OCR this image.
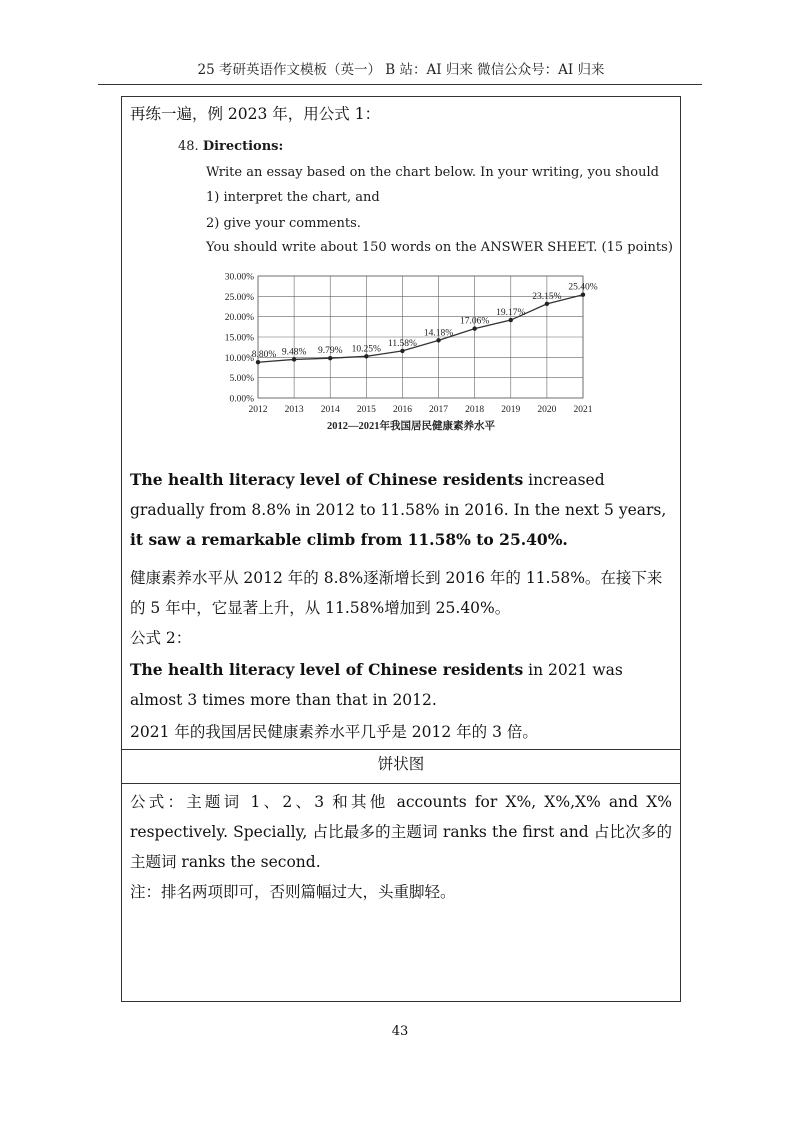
25 考研英语作文模板（英一） B 站：AI 归来 微信公众号：AI 归来
再练一遍，例 2023 年，用公式 1：
48. Directions:
Write an essay based on the chart below. In your writing, you should
1) interpret the chart, and
2) give your comments.
You should write about 150 words on the ANSWER SHEET. (15 points)
0.00%
5.00%
10.00%
15.00%
20.00%
25.00%
30.00%
2012 2013 2014 2015 2016 2017 2018 2019 2020 2021
8.80% 9.48% 9.79% 10.25%
11.58%
14.18%
17.06%
19.17%
23.15%
25.40%
2012—2021年我国居民健康素养水平
The health literacy level of Chinese residents increased gradually from 8.8% in 2012 to 11.58% in 2016. In the next 5 years, it saw a remarkable climb from 11.58% to 25.40%.
健康素养水平从 2012 年的 8.8%逐渐增长到 2016 年的 11.58%。在接下来的 5 年中，它显著上升，从 11.58%增加到 25.40%。
公式 2：
The health literacy level of Chinese residents in 2021 was almost 3 times more than that in 2012.
2021 年的我国居民健康素养水平几乎是 2012 年的 3 倍。
饼状图
公式：主题词 1、2、3 和其他 accounts for X%, X%,X% and X% respectively. Specially, 占比最多的主题词 ranks the first and 占比次多的主题词 ranks the second.
注：排名两项即可，否则篇幅过大，头重脚轻。
43
